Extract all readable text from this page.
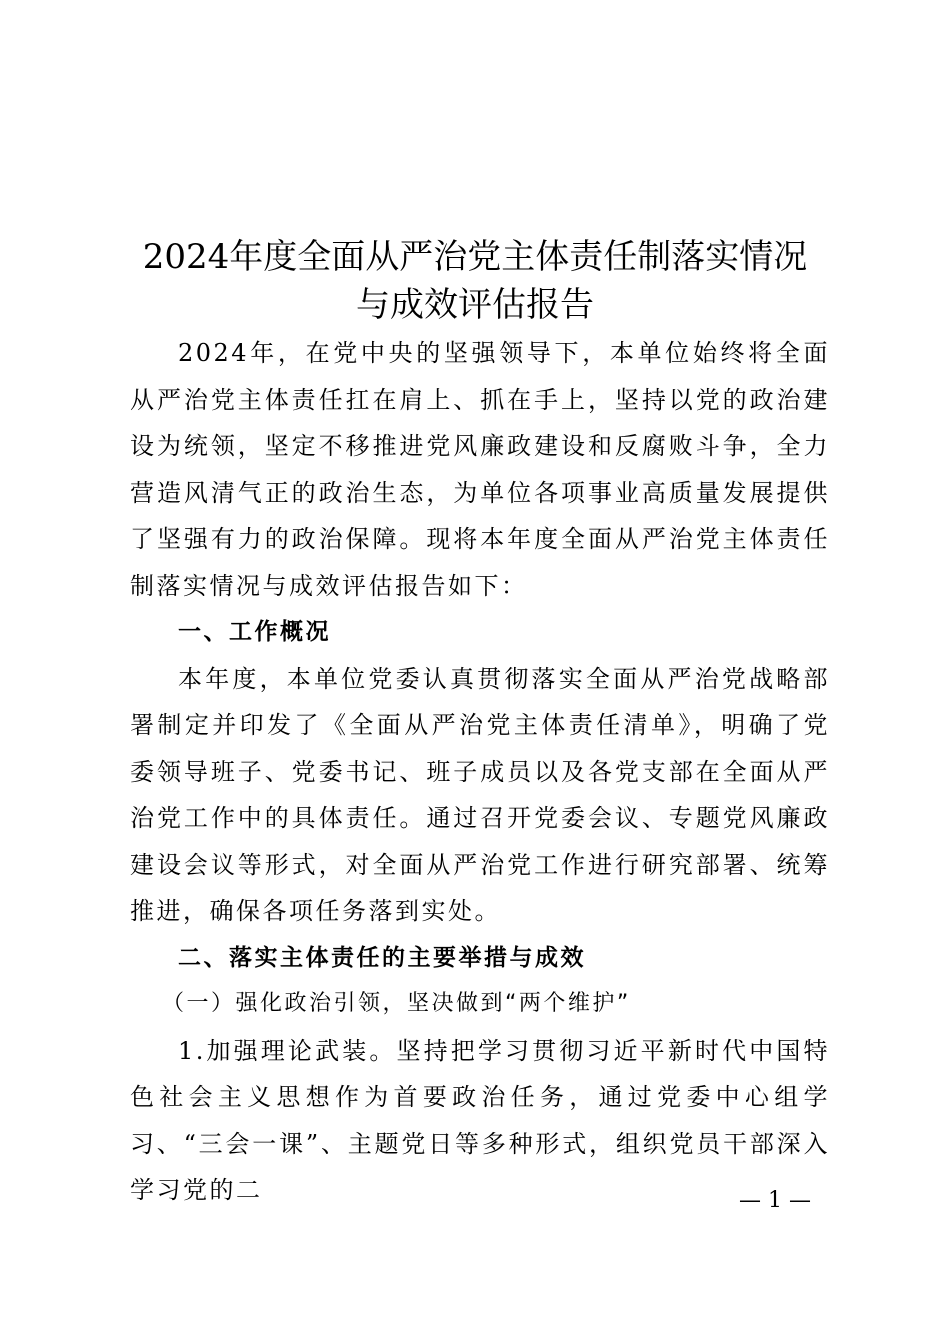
2024年度全面从严治党主体责任制落实情况
与成效评估报告

2024年，在党中央的坚强领导下，本单位始终将全面从严治党主体责任扛在肩上、抓在手上，坚持以党的政治建设为统领，坚定不移推进党风廉政建设和反腐败斗争，全力营造风清气正的政治生态，为单位各项事业高质量发展提供了坚强有力的政治保障。现将本年度全面从严治党主体责任制落实情况与成效评估报告如下：

一、工作概况

本年度，本单位党委认真贯彻落实全面从严治党战略部署制定并印发了《全面从严治党主体责任清单》，明确了党委领导班子、党委书记、班子成员以及各党支部在全面从严治党工作中的具体责任。通过召开党委会议、专题党风廉政建设会议等形式，对全面从严治党工作进行研究部署、统筹推进，确保各项任务落到实处。

二、落实主体责任的主要举措与成效

（一）强化政治引领，坚决做到“两个维护”

1.加强理论武装。坚持把学习贯彻习近平新时代中国特色社会主义思想作为首要政治任务，通过党委中心组学习、“三会一课”、主题党日等多种形式，组织党员干部深入学习党的二	— 1 —
